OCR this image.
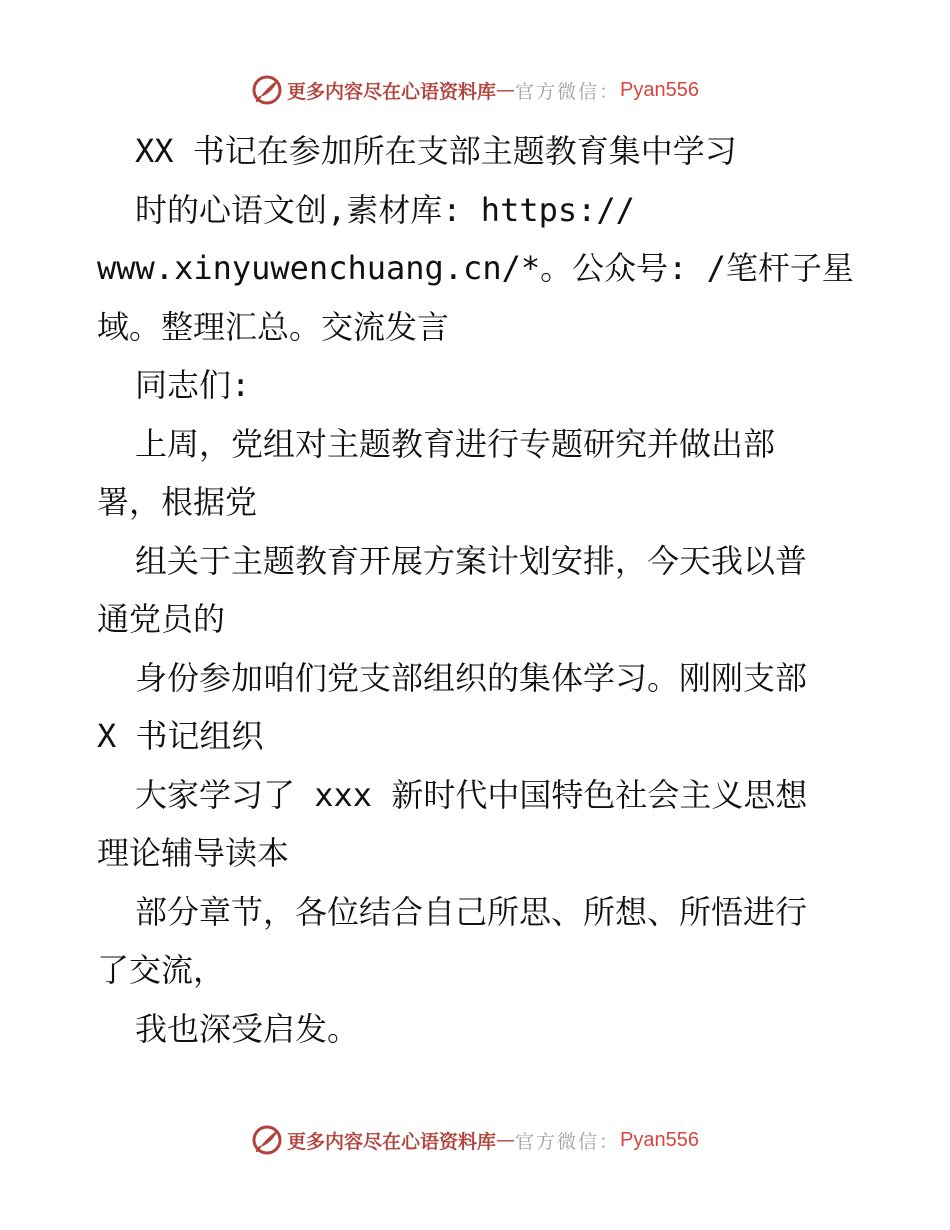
更多内容尽在心语资料库 — 官方微信： Pyan556
XX 书记在参加所在支部主题教育集中学习
时的心语文创,素材库: https://
www.xinyuwenchuang.cn/*。公众号: /笔杆子星
域。整理汇总。交流发言
同志们:
上周，党组对主题教育进行专题研究并做出部
署，根据党
组关于主题教育开展方案计划安排，今天我以普
通党员的
身份参加咱们党支部组织的集体学习。刚刚支部
X 书记组织
大家学习了 xxx 新时代中国特色社会主义思想
理论辅导读本
部分章节，各位结合自己所思、所想、所悟进行
了交流，
我也深受启发。
更多内容尽在心语资料库 — 官方微信： Pyan556
